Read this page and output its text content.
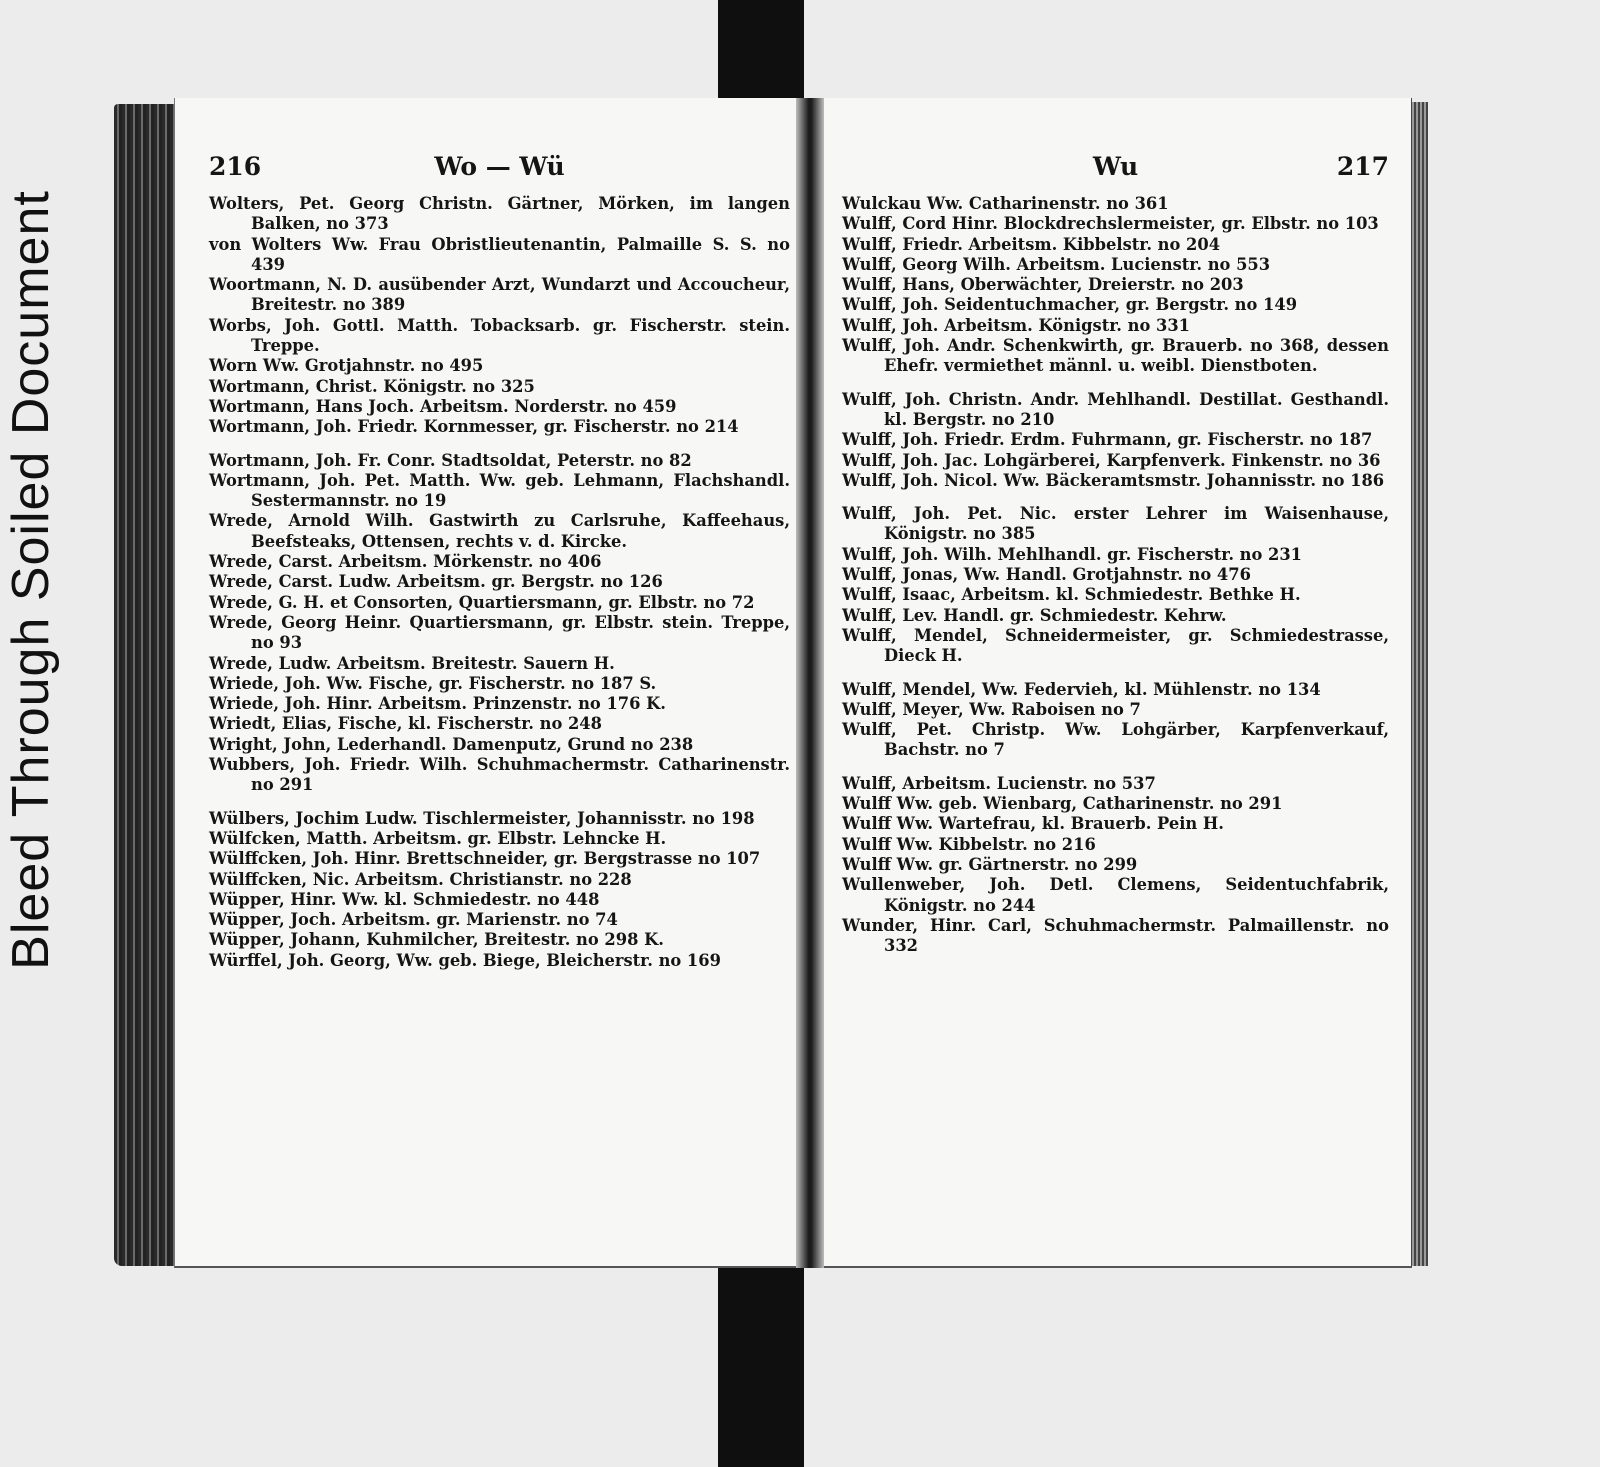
Bleed Through Soiled Document
216	Wo — Wü
Wolters, Pet. Georg Christn. Gärtner, Mörken, im langen Balken, no 373
von Wolters Ww. Frau Obristlieutenantin, Palmaille S. S. no 439
Woortmann, N. D. ausübender Arzt, Wundarzt und Accoucheur, Breitestr. no 389
Worbs, Joh. Gottl. Matth. Tobacksarb. gr. Fischerstr. stein. Treppe.
Worn Ww. Grotjahnstr. no 495
Wortmann, Christ. Königstr. no 325
Wortmann, Hans Joch. Arbeitsm. Norderstr. no 459
Wortmann, Joh. Friedr. Kornmesser, gr. Fischerstr. no 214
Wortmann, Joh. Fr. Conr. Stadtsoldat, Peterstr. no 82
Wortmann, Joh. Pet. Matth. Ww. geb. Lehmann, Flachshandl. Sestermannstr. no 19
Wrede, Arnold Wilh. Gastwirth zu Carlsruhe, Kaffeehaus, Beefsteaks, Ottensen, rechts v. d. Kircke.
Wrede, Carst. Arbeitsm. Mörkenstr. no 406
Wrede, Carst. Ludw. Arbeitsm. gr. Bergstr. no 126
Wrede, G. H. et Consorten, Quartiersmann, gr. Elbstr. no 72
Wrede, Georg Heinr. Quartiersmann, gr. Elbstr. stein. Treppe, no 93
Wrede, Ludw. Arbeitsm. Breitestr. Sauern H.
Wriede, Joh. Ww. Fische, gr. Fischerstr. no 187 S.
Wriede, Joh. Hinr. Arbeitsm. Prinzenstr. no 176 K.
Wriedt, Elias, Fische, kl. Fischerstr. no 248
Wright, John, Lederhandl. Damenputz, Grund no 238
Wubbers, Joh. Friedr. Wilh. Schuhmachermstr. Catharinenstr. no 291
Wülbers, Jochim Ludw. Tischlermeister, Johannisstr. no 198
Wülfcken, Matth. Arbeitsm. gr. Elbstr. Lehncke H.
Wülffcken, Joh. Hinr. Brettschneider, gr. Bergstrasse no 107
Wülffcken, Nic. Arbeitsm. Christianstr. no 228
Wüpper, Hinr. Ww. kl. Schmiedestr. no 448
Wüpper, Joch. Arbeitsm. gr. Marienstr. no 74
Wüpper, Johann, Kuhmilcher, Breitestr. no 298 K.
Würffel, Joh. Georg, Ww. geb. Biege, Bleicherstr. no 169
Wu	217
Wulckau Ww. Catharinenstr. no 361
Wulff, Cord Hinr. Blockdrechslermeister, gr. Elbstr. no 103
Wulff, Friedr. Arbeitsm. Kibbelstr. no 204
Wulff, Georg Wilh. Arbeitsm. Lucienstr. no 553
Wulff, Hans, Oberwächter, Dreierstr. no 203
Wulff, Joh. Seidentuchmacher, gr. Bergstr. no 149
Wulff, Joh. Arbeitsm. Königstr. no 331
Wulff, Joh. Andr. Schenkwirth, gr. Brauerb. no 368, dessen Ehefr. vermiethet männl. u. weibl. Dienstboten.
Wulff, Joh. Christn. Andr. Mehlhandl. Destillat. Gesthandl. kl. Bergstr. no 210
Wulff, Joh. Friedr. Erdm. Fuhrmann, gr. Fischerstr. no 187
Wulff, Joh. Jac. Lohgärberei, Karpfenverk. Finkenstr. no 36
Wulff, Joh. Nicol. Ww. Bäckeramtsmstr. Johannisstr. no 186
Wulff, Joh. Pet. Nic. erster Lehrer im Waisenhause, Königstr. no 385
Wulff, Joh. Wilh. Mehlhandl. gr. Fischerstr. no 231
Wulff, Jonas, Ww. Handl. Grotjahnstr. no 476
Wulff, Isaac, Arbeitsm. kl. Schmiedestr. Bethke H.
Wulff, Lev. Handl. gr. Schmiedestr. Kehrw.
Wulff, Mendel, Schneidermeister, gr. Schmiedestrasse, Dieck H.
Wulff, Mendel, Ww. Federvieh, kl. Mühlenstr. no 134
Wulff, Meyer, Ww. Raboisen no 7
Wulff, Pet. Christp. Ww. Lohgärber, Karpfenverkauf, Bachstr. no 7
Wulff, Arbeitsm. Lucienstr. no 537
Wulff Ww. geb. Wienbarg, Catharinenstr. no 291
Wulff Ww. Wartefrau, kl. Brauerb. Pein H.
Wulff Ww. Kibbelstr. no 216
Wulff Ww. gr. Gärtnerstr. no 299
Wullenweber, Joh. Detl. Clemens, Seidentuchfabrik, Königstr. no 244
Wunder, Hinr. Carl, Schuhmachermstr. Palmaillenstr. no 332
